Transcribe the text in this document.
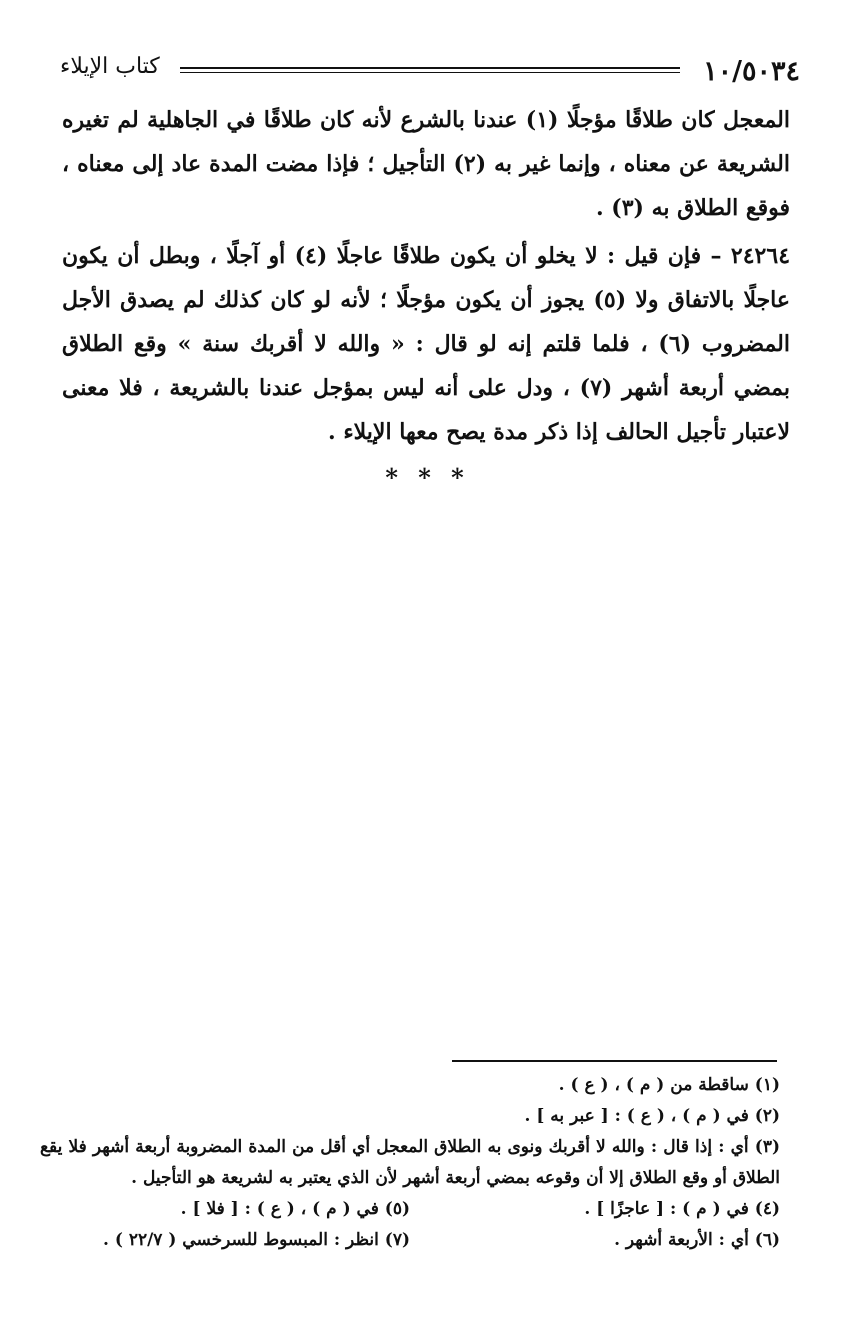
١٠/٥٠٣٤
كتاب الإيلاء

المعجل كان طلاقًا مؤجلًا (١) عندنا بالشرع لأنه كان طلاقًا في الجاهلية لم تغيره الشريعة عن معناه ، وإنما غير به (٢) التأجيل ؛ فإذا مضت المدة عاد إلى معناه ، فوقع الطلاق به (٣) .

٢٤٢٦٤ – فإن قيل : لا يخلو أن يكون طلاقًا عاجلًا (٤) أو آجلًا ، وبطل أن يكون عاجلًا بالاتفاق ولا (٥) يجوز أن يكون مؤجلًا ؛ لأنه لو كان كذلك لم يصدق الأجل المضروب (٦) ، فلما قلتم إنه لو قال : « والله لا أقربك سنة » وقع الطلاق بمضي أربعة أشهر (٧) ، ودل على أنه ليس بمؤجل عندنا بالشريعة ، فلا معنى لاعتبار تأجيل الحالف إذا ذكر مدة يصح معها الإيلاء .

* * *
(١) ساقطة من ( م ) ، ( ع ) .
(٢) في ( م ) ، ( ع ) : [ عبر به ] .
(٣) أي : إذا قال : والله لا أقربك ونوى به الطلاق المعجل أي أقل من المدة المضروبة أربعة أشهر فلا يقع الطلاق أو وقع الطلاق إلا أن وقوعه بمضي أربعة أشهر لأن الذي يعتبر به لشريعة هو التأجيل .
(٤) في ( م ) : [ عاجزًا ] .
(٥) في ( م ) ، ( ع ) : [ فلا ] .
(٦) أي : الأربعة أشهر .
(٧) انظر : المبسوط للسرخسي ( ٢٢/٧ ) .
